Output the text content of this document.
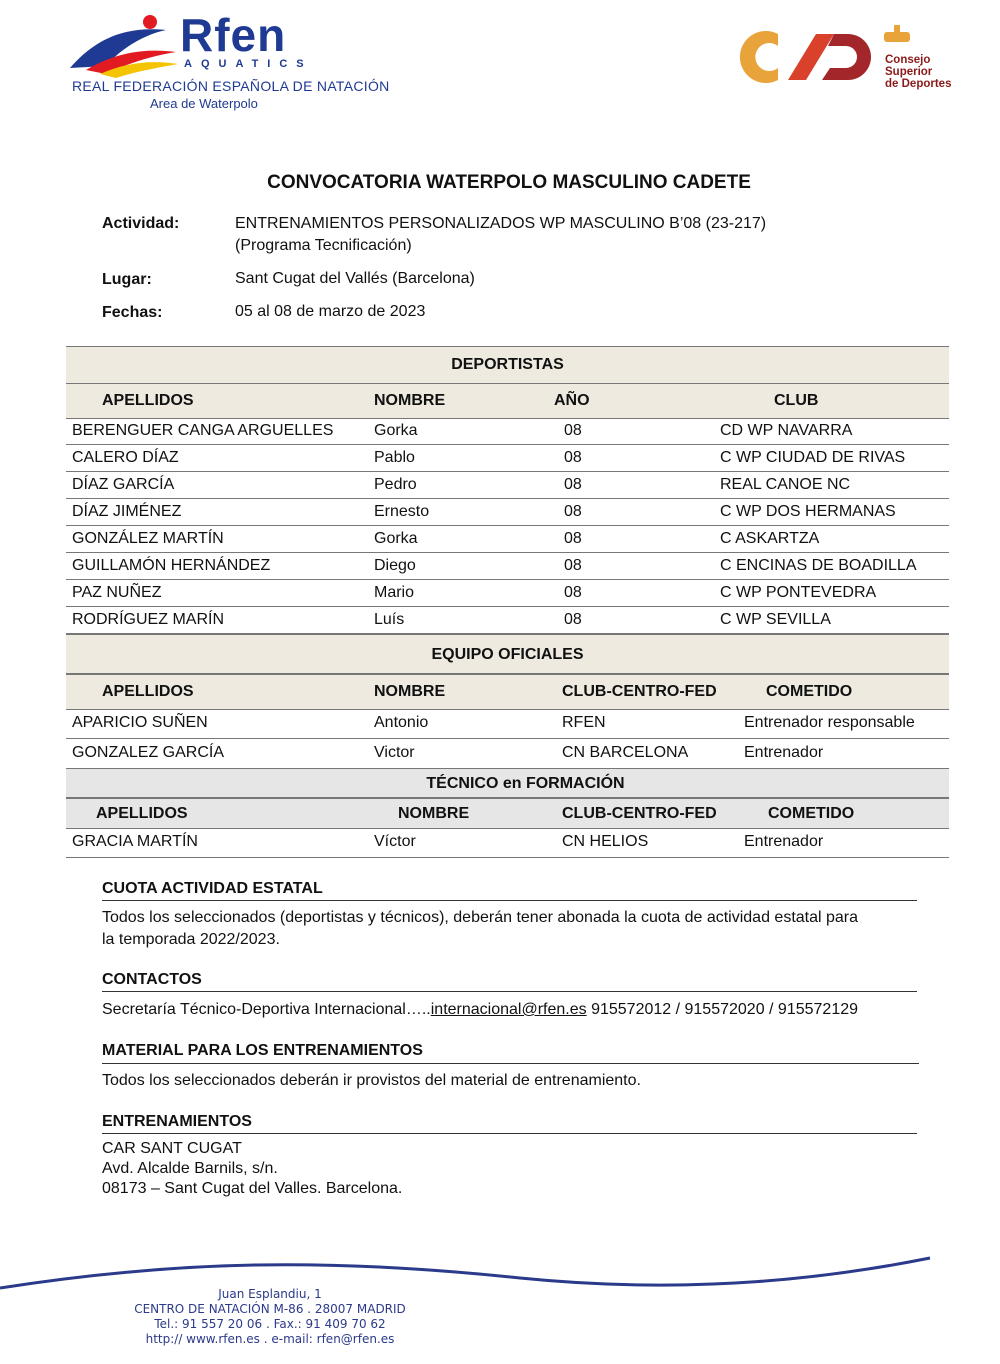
Rfen
AQUATICS
REAL FEDERACIÓN ESPAÑOLA DE NATACIÓN
Area de Waterpolo
Consejo
Superior
de Deportes
CONVOCATORIA WATERPOLO MASCULINO CADETE
Actividad:	ENTRENAMIENTOS PERSONALIZADOS WP MASCULINO B’08 (23-217)
(Programa Tecnificación)
Lugar:	Sant Cugat del Vallés (Barcelona)
Fechas:	05 al 08 de marzo de 2023
DEPORTISTAS
APELLIDOS	NOMBRE	AÑO	CLUB
BERENGUER CANGA ARGUELLES	Gorka	08	CD WP NAVARRA
CALERO DÍAZ	Pablo	08	C WP CIUDAD DE RIVAS
DÍAZ GARCÍA	Pedro	08	REAL CANOE NC
DÍAZ JIMÉNEZ	Ernesto	08	C WP DOS HERMANAS
GONZÁLEZ MARTÍN	Gorka	08	C ASKARTZA
GUILLAMÓN HERNÁNDEZ	Diego	08	C ENCINAS DE BOADILLA
PAZ NUÑEZ	Mario	08	C WP PONTEVEDRA
RODRÍGUEZ MARÍN	Luís	08	C WP SEVILLA
EQUIPO OFICIALES
APELLIDOS	NOMBRE	CLUB-CENTRO-FED	COMETIDO
APARICIO SUÑEN	Antonio	RFEN	Entrenador responsable
GONZALEZ GARCÍA	Victor	CN BARCELONA	Entrenador
TÉCNICO en FORMACIÓN
APELLIDOS	NOMBRE	CLUB-CENTRO-FED	COMETIDO
GRACIA MARTÍN	Víctor	CN HELIOS	Entrenador
CUOTA ACTIVIDAD ESTATAL
Todos los seleccionados (deportistas y técnicos), deberán tener abonada la cuota de actividad estatal para
la temporada 2022/2023.
CONTACTOS
Secretaría Técnico-Deportiva Internacional…..internacional@rfen.es 915572012 / 915572020 / 915572129
MATERIAL PARA LOS ENTRENAMIENTOS
Todos los seleccionados deberán ir provistos del material de entrenamiento.
ENTRENAMIENTOS
CAR SANT CUGAT
Avd. Alcalde Barnils, s/n.
08173 – Sant Cugat del Valles. Barcelona.
Juan Esplandiu, 1
CENTRO DE NATACIÓN M-86 . 28007 MADRID
Tel.: 91 557 20 06 . Fax.: 91 409 70 62
http:// www.rfen.es . e-mail: rfen@rfen.es
